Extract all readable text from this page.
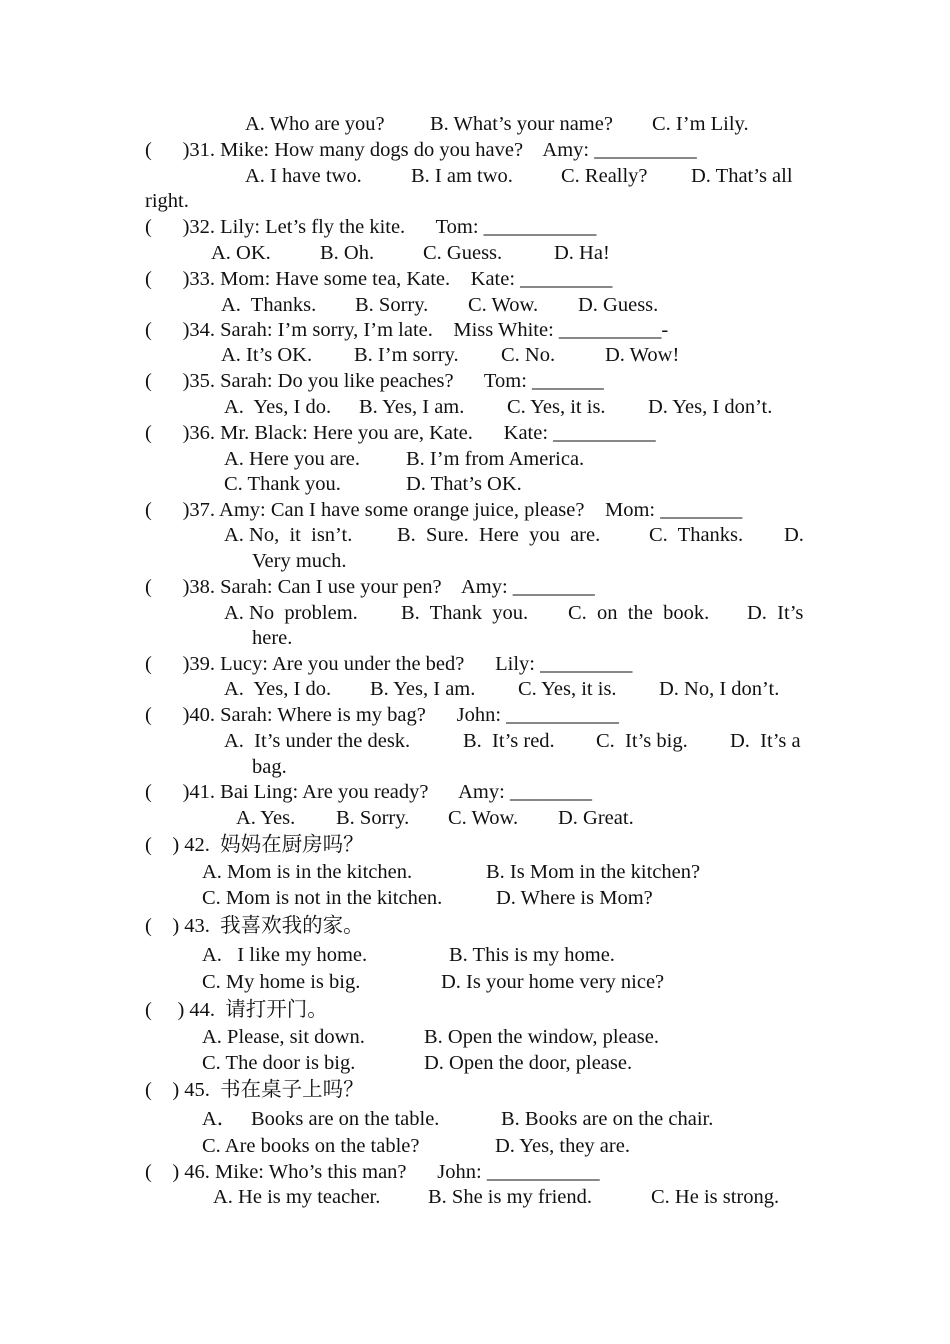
A. Who are you? B. What’s your name? C. I’m Lily.
(      )31. Mike: How many dogs do you have?    Amy: __________
A. I have two. B. I am two. C. Really? D. That’s all
right.
(      )32. Lily: Let’s fly the kite.      Tom: ___________
A. OK. B. Oh. C. Guess.	D. Ha!
(      )33. Mom: Have some tea, Kate.    Kate: _________
A.  Thanks. B. Sorry. C. Wow. D. Guess.
(      )34. Sarah: I’m sorry, I’m late.    Miss White: __________-
A. It’s OK. B. I’m sorry. C. No. D. Wow!
(      )35. Sarah: Do you like peaches?      Tom: _______
A.  Yes, I do. B. Yes, I am. C. Yes, it is. D. Yes, I don’t.
(      )36. Mr. Black: Here you are, Kate.      Kate: __________
A. Here you are. B. I’m from America.
C. Thank you.	D. That’s OK.
(      )37. Amy: Can I have some orange juice, please?    Mom: ________
A. No,  it  isn’t. B.  Sure.  Here  you  are. C.  Thanks. D.
Very much.
(      )38. Sarah: Can I use your pen?    Amy: ________
A. No  problem. B.  Thank  you. C.  on  the  book. D.  It’s
here.
(      )39. Lucy: Are you under the bed?      Lily: _________
A.  Yes, I do. B. Yes, I am. C. Yes, it is. D. No, I don’t.
(      )40. Sarah: Where is my bag?      John: ___________
A.  It’s under the desk.	B.  It’s red. C.  It’s big. D.  It’s a
bag.
(      )41. Bai Ling: Are you ready?      Amy: ________
A. Yes. B. Sorry. C. Wow. D. Great.
(    ) 42.  妈妈在厨房吗？
A. Mom is in the kitchen.	B. Is Mom in the kitchen?
C. Mom is not in the kitchen.	D. Where is Mom?
(    ) 43.  我喜欢我的家。
A.   I like my home.	B. This is my home.
C. My home is big.	D. Is your home very nice?
(     ) 44.  请打开门。
A. Please, sit down.	B. Open the window, please.
C. The door is big.	D. Open the door, please.
(    ) 45.  书在桌子上吗？
A． Books are on the table.	B. Books are on the chair.
C. Are books on the table?	D. Yes, they are.
(    ) 46. Mike: Who’s this man?      John: ___________
A. He is my teacher. B. She is my friend.	C. He is strong.
